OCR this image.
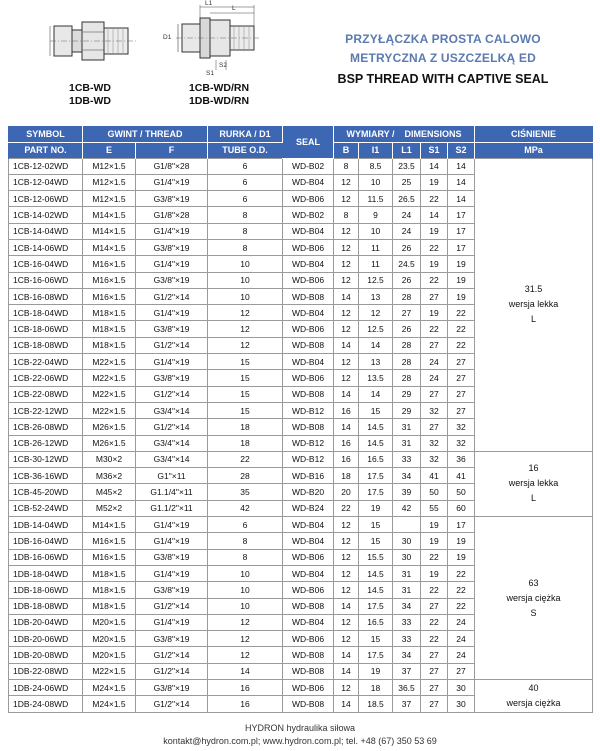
1CB-WD
1DB-WD
L1
L
D1
S1
S2
1CB-WD/RN
1DB-WD/RN
PRZYŁĄCZKA PROSTA CALOWO
METRYCZNA Z USZCZELKĄ ED
BSP THREAD WITH CAPTIVE SEAL
SYMBOL	GWINT / THREAD		RURKA / D1	SEAL	WYMIARY / DIMENSIONS					CIŚNIENIE
PART NO.	E	F	TUBE O.D.		B	l1	L1	S1	S2	MPa
1CB-12-02WD	M12×1.5	G1/8"×28	6	WD-B02	8	8.5	23.5	14	14	31.5
wersja lekka
L

1CB-12-04WD	M12×1.5	G1/4"×19	6	WD-B04	12	10	25	19	14	
1CB-12-06WD	M12×1.5	G3/8"×19	6	WD-B06	12	11.5	26.5	22	14	
1CB-14-02WD	M14×1.5	G1/8"×28	8	WD-B02	8	9	24	14	17	
1CB-14-04WD	M14×1.5	G1/4"×19	8	WD-B04	12	10	24	19	17	
1CB-14-06WD	M14×1.5	G3/8"×19	8	WD-B06	12	11	26	22	17	
1CB-16-04WD	M16×1.5	G1/4"×19	10	WD-B04	12	11	24.5	19	19	
1CB-16-06WD	M16×1.5	G3/8"×19	10	WD-B06	12	12.5	26	22	19	
1CB-16-08WD	M16×1.5	G1/2"×14	10	WD-B08	14	13	28	27	19	
1CB-18-04WD	M18×1.5	G1/4"×19	12	WD-B04	12	12	27	19	22	
1CB-18-06WD	M18×1.5	G3/8"×19	12	WD-B06	12	12.5	26	22	22	
1CB-18-08WD	M18×1.5	G1/2"×14	12	WD-B08	14	14	28	27	22	
1CB-22-04WD	M22×1.5	G1/4"×19	15	WD-B04	12	13	28	24	27	
1CB-22-06WD	M22×1.5	G3/8"×19	15	WD-B06	12	13.5	28	24	27	
1CB-22-08WD	M22×1.5	G1/2"×14	15	WD-B08	14	14	29	27	27	
1CB-22-12WD	M22×1.5	G3/4"×14	15	WD-B12	16	15	29	32	27	
1CB-26-08WD	M26×1.5	G1/2"×14	18	WD-B08	14	14.5	31	27	32	
1CB-26-12WD	M26×1.5	G3/4"×14	18	WD-B12	16	14.5	31	32	32	
1CB-30-12WD	M30×2	G3/4"×14	22	WD-B12	16	16.5	33	32	36	16
wersja lekka
L

1CB-36-16WD	M36×2	G1"×11	28	WD-B16	18	17.5	34	41	41	
1CB-45-20WD	M45×2	G1.1/4"×11	35	WD-B20	20	17.5	39	50	50	
1CB-52-24WD	M52×2	G1.1/2"×11	42	WD-B24	22	19	42	55	60	
1DB-14-04WD	M14×1.5	G1/4"×19	6	WD-B04	12	15		19	17	63
wersja ciężka
S

1DB-16-04WD	M16×1.5	G1/4"×19	8	WD-B04	12	15	30	19	19	
1DB-16-06WD	M16×1.5	G3/8"×19	8	WD-B06	12	15.5	30	22	19	
1DB-18-04WD	M18×1.5	G1/4"×19	10	WD-B04	12	14.5	31	19	22	
1DB-18-06WD	M18×1.5	G3/8"×19	10	WD-B06	12	14.5	31	22	22	
1DB-18-08WD	M18×1.5	G1/2"×14	10	WD-B08	14	17.5	34	27	22	
1DB-20-04WD	M20×1.5	G1/4"×19	12	WD-B04	12	16.5	33	22	24	
1DB-20-06WD	M20×1.5	G3/8"×19	12	WD-B06	12	15	33	22	24	
1DB-20-08WD	M20×1.5	G1/2"×14	12	WD-B08	14	17.5	34	27	24	
1DB-22-08WD	M22×1.5	G1/2"×14	14	WD-B08	14	19	37	27	27	
1DB-24-06WD	M24×1.5	G3/8"×19	16	WD-B06	12	18	36.5	27	30	40
wersja ciężka

1DB-24-08WD	M24×1.5	G1/2"×14	16	WD-B08	14	18.5	37	27	30	
HYDRON hydraulika siłowa
kontakt@hydron.com.pl; www.hydron.com.pl; tel. +48 (67) 350 53 69
